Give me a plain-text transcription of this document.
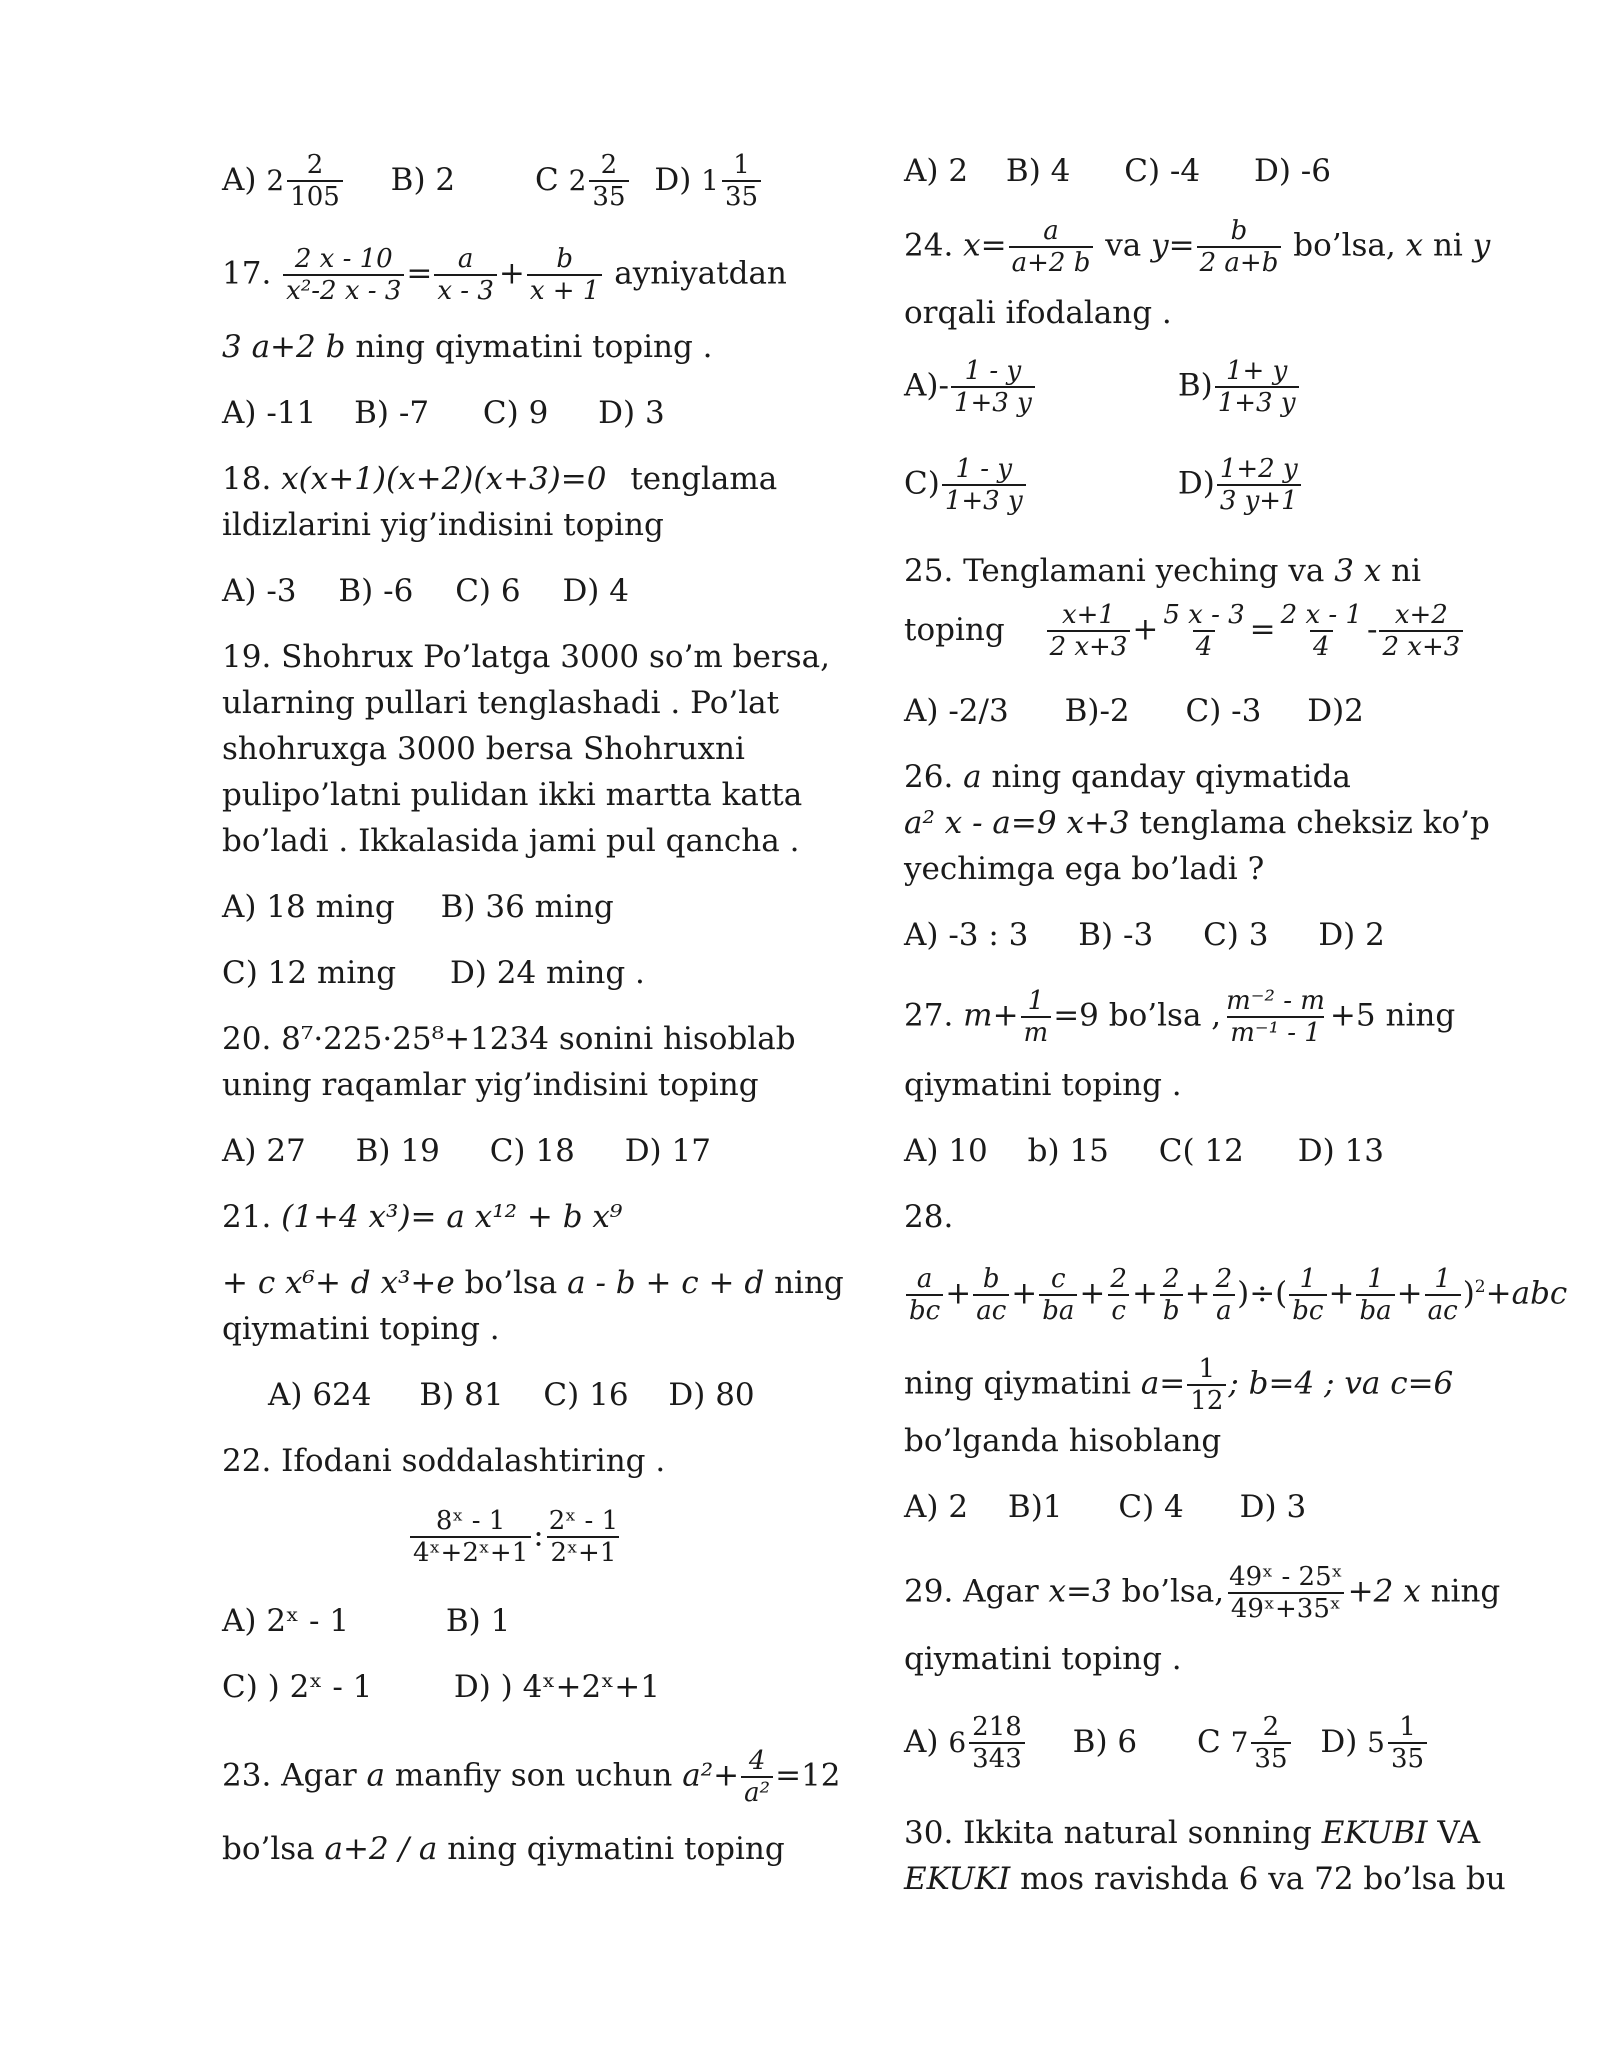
A) $2 \frac{2}{105} B$) 2	C $2 \frac{2}{35} D$) $1 \frac{1}{35}$
17. $\frac{2 x - 10}{\text{x²-2 x - 3}} = \frac{a}{x - 3} + \frac{b}{x + 1}$ ayniyatdan
3 a+2 b ning qiymatini toping .
A) -11 B) -7 C) 9 D) 3
18. x(x+1)(x+2)(x+3)=0 tenglama
ildizlarini yig’indisini toping
A) -3 B) -6 C) 6 D) 4
19. Shohrux Po’latga 3000 so’m bersa,
ularning pullari tenglashadi . Po’lat
shohruxga 3000 bersa Shohruxni
pulipo’latni pulidan ikki martta katta
bo’ladi . Ikkalasida jami pul qancha .
A) 18 ming B) 36 ming
C) 12 ming D) 24 ming .
20. 8⁷·225·25⁸+1234 sonini hisoblab
uning raqamlar yig’indisini toping
A) 27 B) 19 C) 18 D) 17
21. (1+4 x³)= a x¹² + b x⁹
+ c x⁶+ d x³+e bo’lsa a - b + c + d ning
qiymatini toping .
A) 624 B) 81 C) 16 D) 80
22. Ifodani soddalashtiring .
$\frac{\text{8ˣ - 1}}{\text{4ˣ+2ˣ+1}}$ : $\frac{\text{2ˣ - 1}}{\text{2ˣ+1}}$
A) 2ˣ - 1	B) 1
C) ) 2ˣ - 1	D) ) 4ˣ+2ˣ+1
23. Agar a manfiy son uchun $a^2+ \frac{4}{\text{a²}} =12$
bo’lsa a+2 / a ning qiymatini toping
A) 2 B) 4 C) -4 D) -6
24. $x= \frac{a}{a+2 b}$ va $y= \frac{b}{2 a+b}$ bo’lsa, x ni y
orqali ifodalang .
$A)- \frac{1 - y}{1+3 y}$	$B) \frac{1+ y}{1+3 y}$
$C) \frac{1 - y}{1+3 y}$	$D) \frac{1+2 y}{3 y+1}$
25. Tenglamani yeching va 3 x ni
toping $\frac{x+1}{2 x+3} + \frac{5 x - 3}{4} = \frac{2 x - 1}{4} - \frac{x+2}{2 x+3}$
A) -2/3 B)-2 C) -3 D)2
26. a ning qanday qiymatida
a² x - a=9 x+3 tenglama cheksiz ko’p
yechimga ega bo’ladi ?
A) -3 : 3 B) -3 C) 3 D) 2
27. $m+ \frac{1}{m} =9$ bo’lsa , $\frac{\text{m⁻² - m}}{\text{m⁻¹ - 1}} +5$ ning
qiymatini toping .
A) 10 b) 15 C( 12 D) 13
28.
$\frac{a}{bc} + \frac{b}{ac} + \frac{c}{ba} + \frac{2}{c} + \frac{2}{b} + \frac{2}{a}$ )÷( $\frac{1}{bc} + \frac{1}{ba} + \frac{1}{ac} )^2+abc$
ning qiymatini $a= \frac{1}{12}$ ; b=4 ; va c=6
bo’lganda hisoblang
A) 2 B)1 C) 4 D) 3
29. Agar x=3 bo’lsa, $\frac{\text{49ˣ - 25ˣ}}{\text{49ˣ+35ˣ}} +2$ x ning
qiymatini toping .
A) $6 \frac{218}{343} B$) 6 C $7 \frac{2}{35} D$) $5 \frac{1}{35}$
30. Ikkita natural sonning EKUBI VA
EKUKI mos ravishda 6 va 72 bo’lsa bu
